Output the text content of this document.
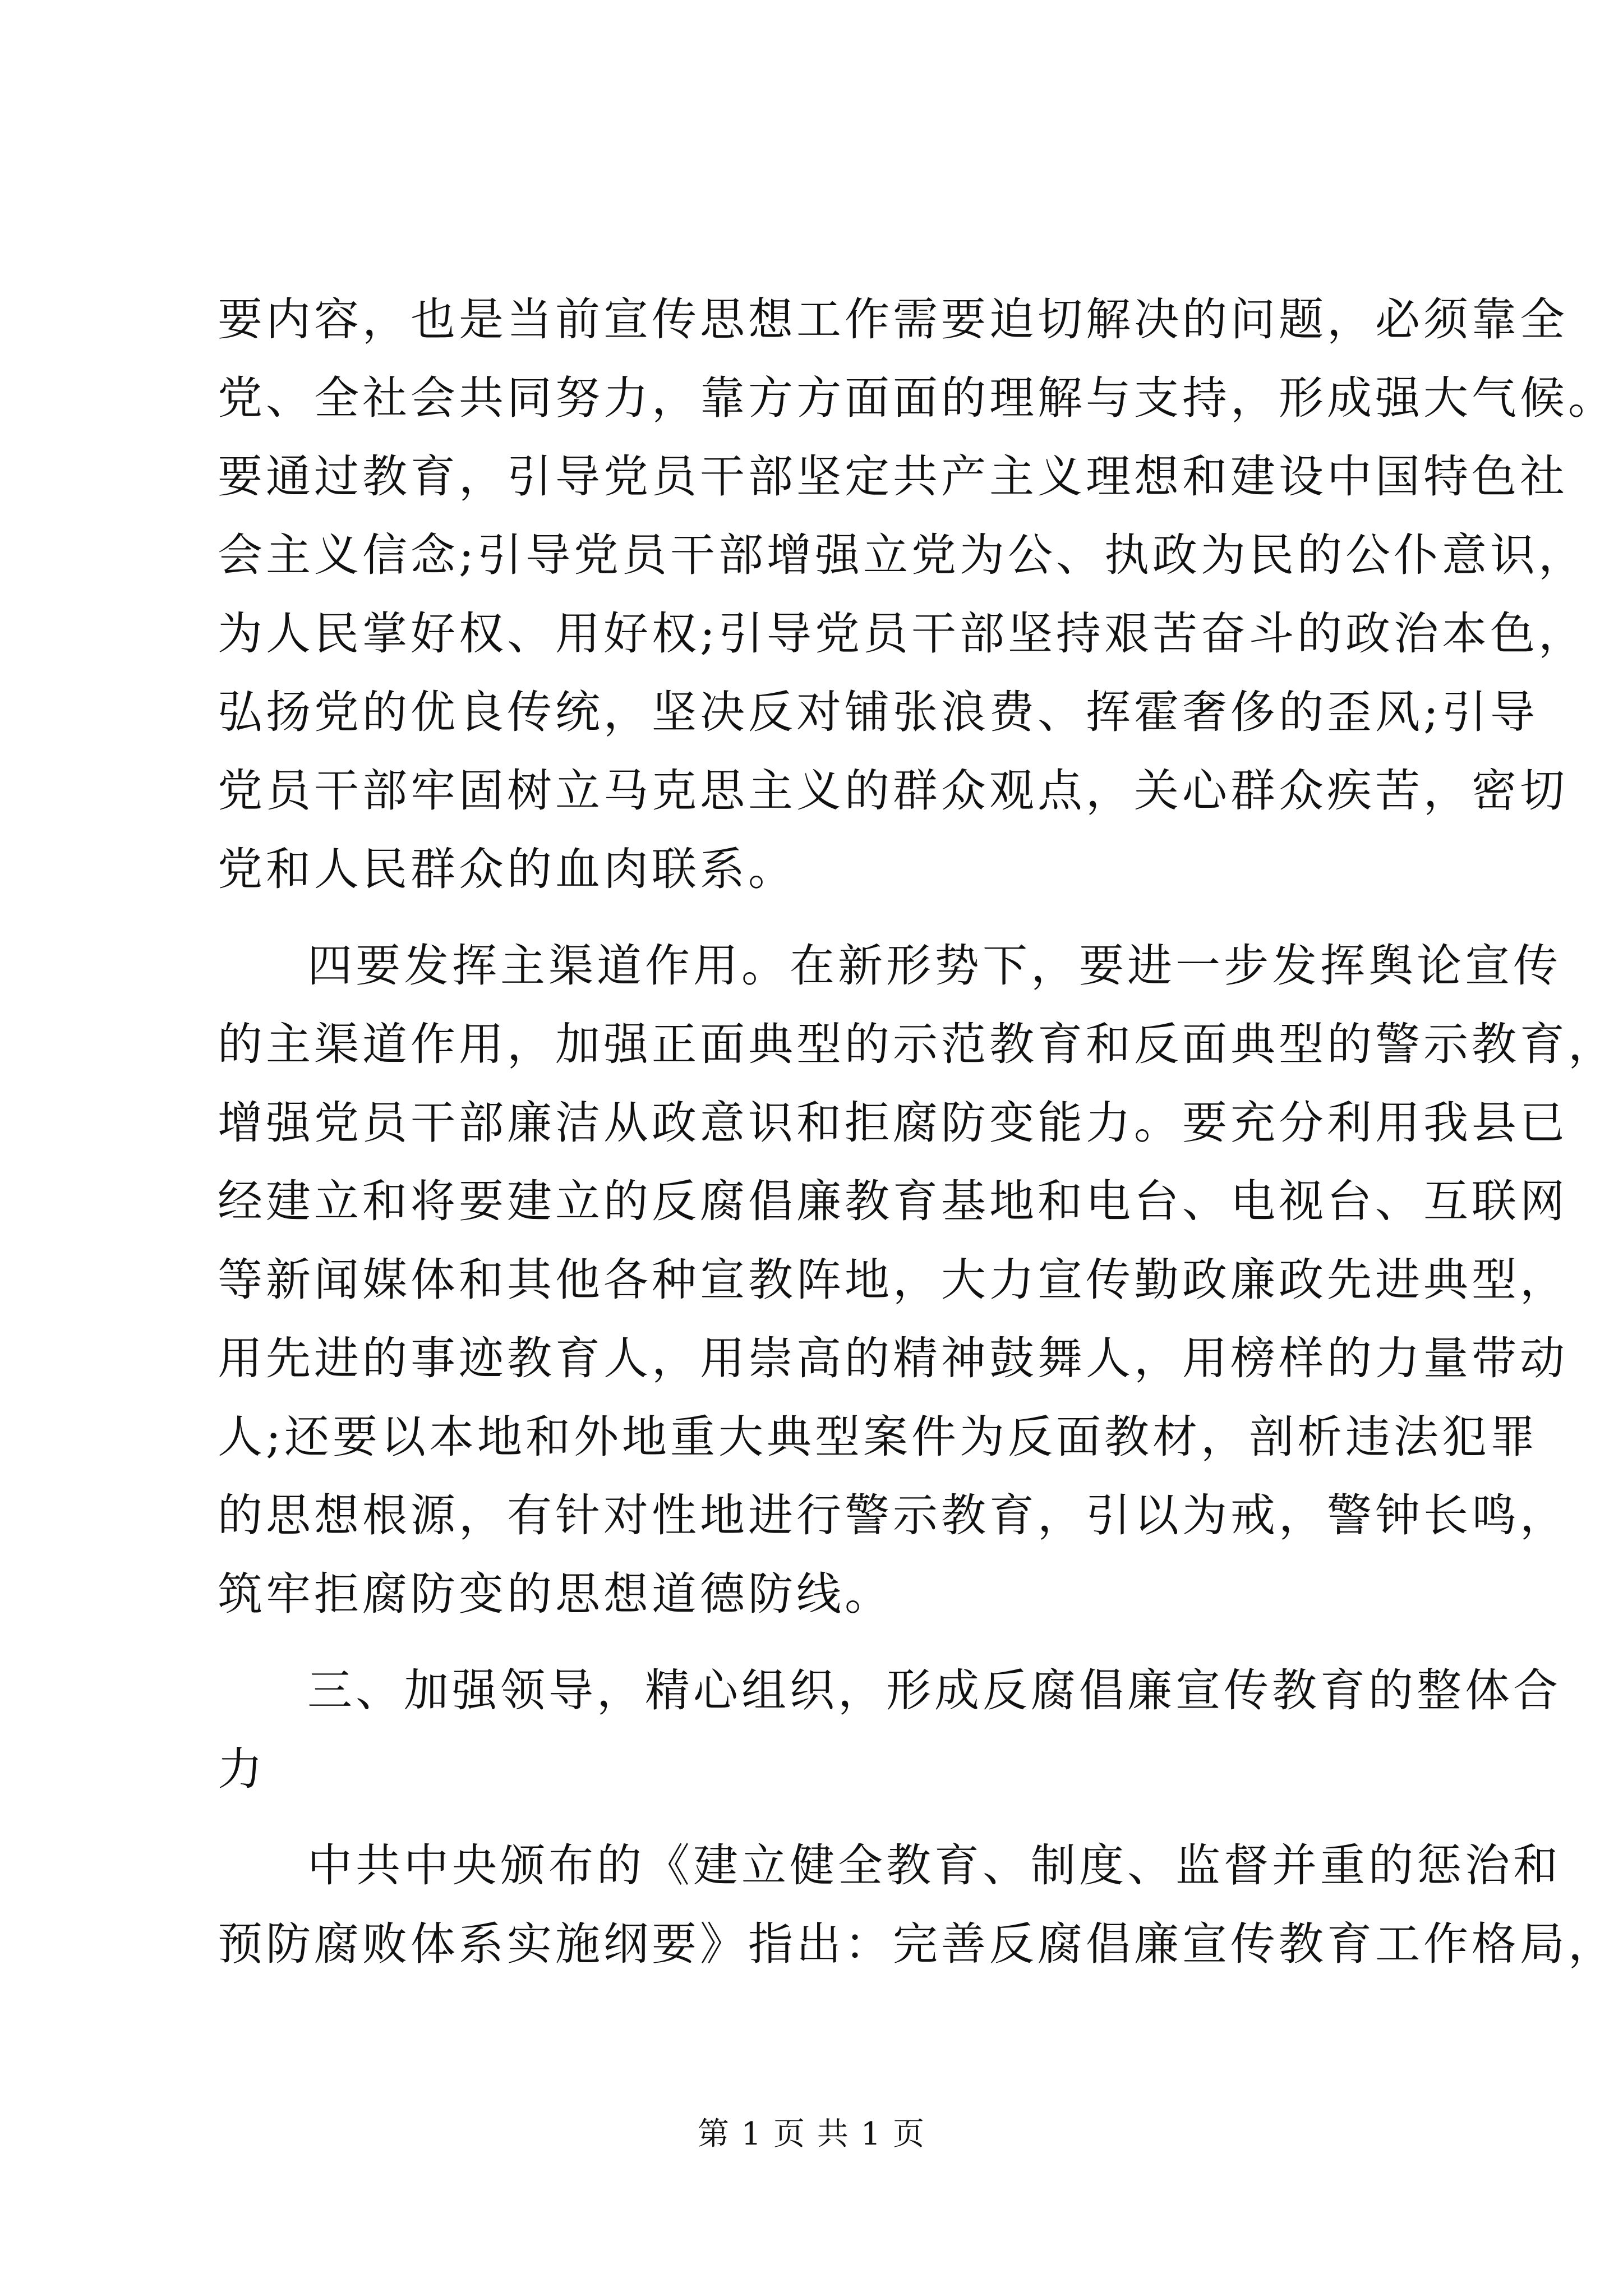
要内容，也是当前宣传思想工作需要迫切解决的问题，必须靠全
党、全社会共同努力，靠方方面面的理解与支持，形成强大气候。
要通过教育，引导党员干部坚定共产主义理想和建设中国特色社
会主义信念;引导党员干部增强立党为公、执政为民的公仆意识，
为人民掌好权、用好权;引导党员干部坚持艰苦奋斗的政治本色，
弘扬党的优良传统，坚决反对铺张浪费、挥霍奢侈的歪风;引导
党员干部牢固树立马克思主义的群众观点，关心群众疾苦，密切
党和人民群众的血肉联系。
四要发挥主渠道作用。在新形势下，要进一步发挥舆论宣传
的主渠道作用，加强正面典型的示范教育和反面典型的警示教育，
增强党员干部廉洁从政意识和拒腐防变能力。要充分利用我县已
经建立和将要建立的反腐倡廉教育基地和电台、电视台、互联网
等新闻媒体和其他各种宣教阵地，大力宣传勤政廉政先进典型，
用先进的事迹教育人，用崇高的精神鼓舞人，用榜样的力量带动
人;还要以本地和外地重大典型案件为反面教材，剖析违法犯罪
的思想根源，有针对性地进行警示教育，引以为戒，警钟长鸣，
筑牢拒腐防变的思想道德防线。
三、加强领导，精心组织，形成反腐倡廉宣传教育的整体合
力
中共中央颁布的《建立健全教育、制度、监督并重的惩治和
预防腐败体系实施纲要》指出：完善反腐倡廉宣传教育工作格局，
第 1 页 共 1 页
